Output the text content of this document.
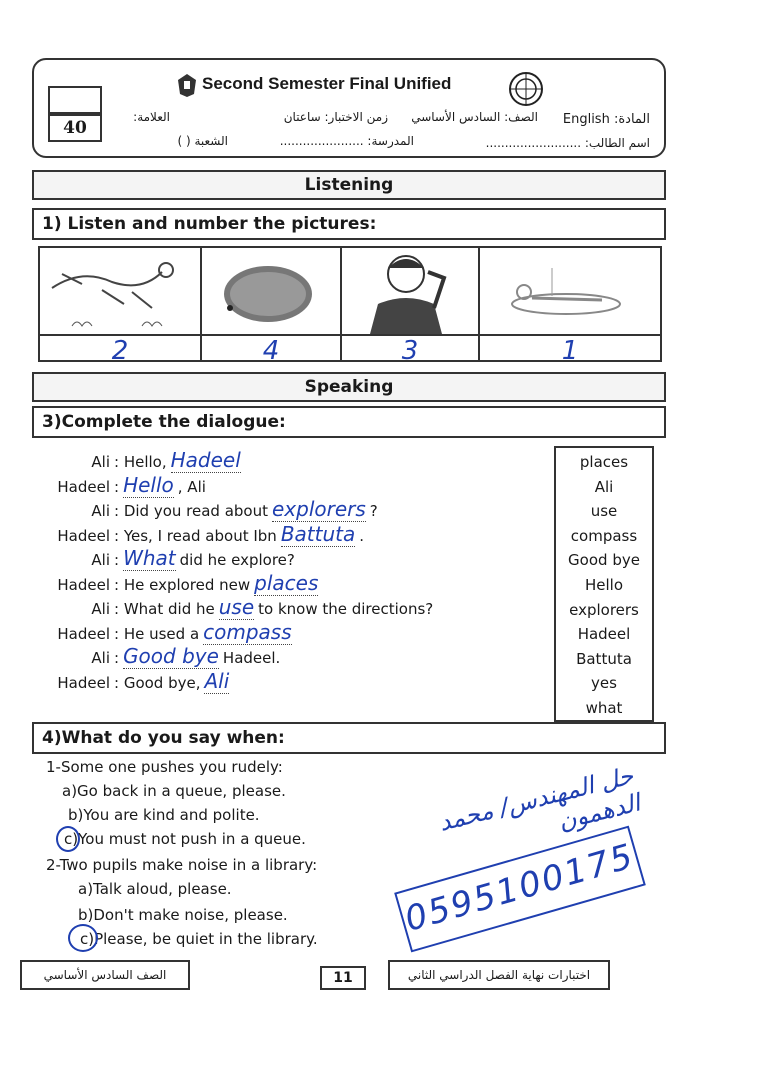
40
Second Semester Final Unified
المادة: English
الصف: السادس الأساسي
زمن الاختبار: ساعتان
العلامة:
اسم الطالب: .........................
المدرسة: ......................
الشعبة ( )
Listening
1) Listen and number the pictures:
2	4	3	1
Speaking
3)Complete the dialogue:
Ali : Hello, Hadeel
Hadeel : Hello , Ali
Ali : Did you read about explorers ?
Hadeel : Yes, I read about Ibn Battuta .
Ali : What did he explore?
Hadeel : He explored new places
Ali : What did he use to know the directions?
Hadeel : He used a compass
Ali : Good bye Hadeel.
Hadeel : Good bye, Ali
places
Ali
use
compass
Good bye
Hello
explorers
Hadeel
Battuta
yes
what
4)What do you say when:
1-Some one pushes you rudely:
a)Go back in a queue, please.
b)You are kind and polite.
c)You must not push in a queue.
2-Two pupils make noise in a library:
a)Talk aloud, please.
b)Don't make noise, please.
c)Please, be quiet in the library.
حل المهندس/ محمد الدهمون
0595100175
الصف السادس الأساسي	11	اختبارات نهاية الفصل الدراسي الثاني
